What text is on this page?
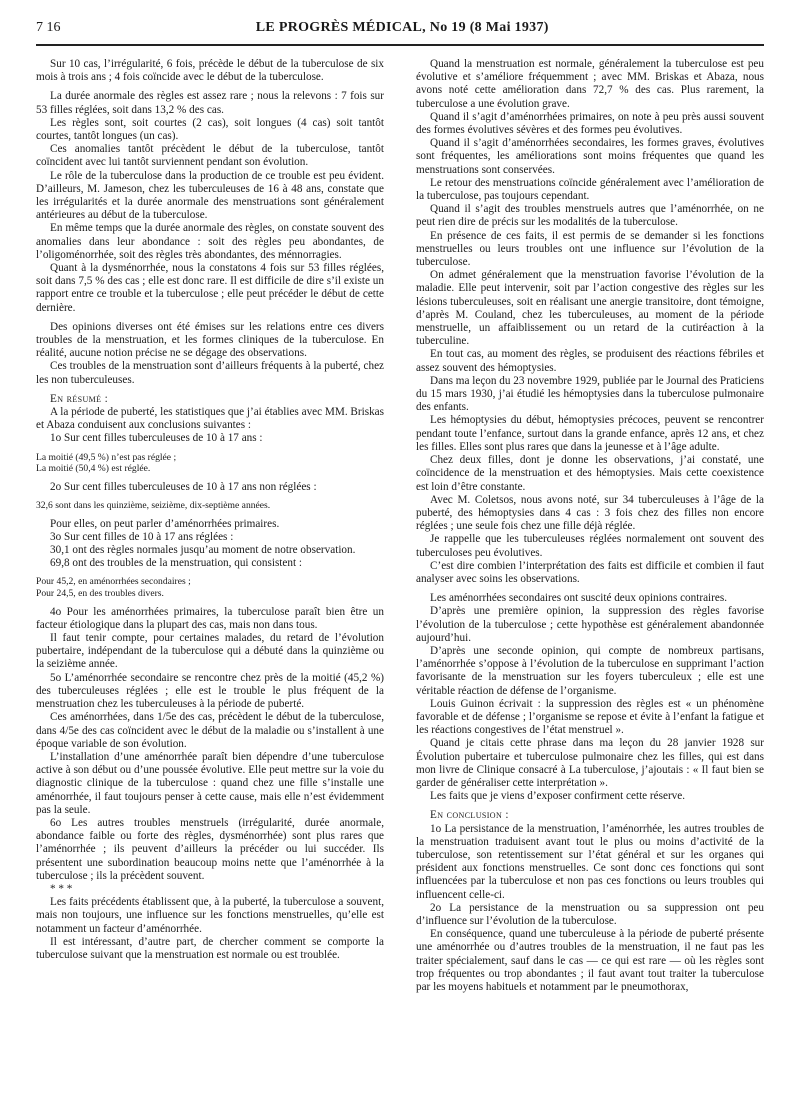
7 16	LE PROGRÈS MÉDICAL, No 19 (8 Mai 1937)

Sur 10 cas, l’irrégularité, 6 fois, précède le début de la tuberculose de six mois à trois ans ; 4 fois coïncide avec le début de la tuberculose.

La durée anormale des règles est assez rare ; nous la relevons : 7 fois sur 53 filles réglées, soit dans 13,2 % des cas.

Les règles sont, soit courtes (2 cas), soit longues (4 cas) soit tantôt courtes, tantôt longues (un cas).

Ces anomalies tantôt précèdent le début de la tuberculose, tantôt coïncident avec lui tantôt surviennent pendant son évolution.

Le rôle de la tuberculose dans la production de ce trouble est peu évident. D’ailleurs, M. Jameson, chez les tuberculeuses de 16 à 48 ans, constate que les irrégularités et la durée anormale des menstruations sont généralement antérieures au début de la tuberculose.

En même temps que la durée anormale des règles, on constate souvent des anomalies dans leur abondance : soit des règles peu abondantes, de l’oligoménorrhée, soit des règles très abondantes, des ménnorragies.

Quant à la dysménorrhée, nous la constatons 4 fois sur 53 filles réglées, soit dans 7,5 % des cas ; elle est donc rare. Il est difficile de dire s’il existe un rapport entre ce trouble et la tuberculose ; elle peut précéder le début de cette dernière.

Des opinions diverses ont été émises sur les relations entre ces divers troubles de la menstruation, et les formes cliniques de la tuberculose. En réalité, aucune notion précise ne se dégage des observations.

Ces troubles de la menstruation sont d’ailleurs fréquents à la puberté, chez les non tuberculeuses.

En résumé :

A la période de puberté, les statistiques que j’ai établies avec MM. Briskas et Abaza conduisent aux conclusions suivantes :

1o Sur cent filles tuberculeuses de 10 à 17 ans :

La moitié (49,5 %) n’est pas réglée ;

La moitié (50,4 %) est réglée.

2o Sur cent filles tuberculeuses de 10 à 17 ans non réglées :

32,6 sont dans les quinzième, seizième, dix-septième années.

Pour elles, on peut parler d’aménorrhées primaires.

3o Sur cent filles de 10 à 17 ans réglées :

30,1 ont des règles normales jusqu’au moment de notre observation.

69,8 ont des troubles de la menstruation, qui consistent :

Pour 45,2, en aménorrhées secondaires ;

Pour 24,5, en des troubles divers.

4o Pour les aménorrhées primaires, la tuberculose paraît bien être un facteur étiologique dans la plupart des cas, mais non dans tous.

Il faut tenir compte, pour certaines malades, du retard de l’évolution pubertaire, indépendant de la tuberculose qui a débuté dans la quinzième ou la seizième année.

5o L’aménorrhée secondaire se rencontre chez près de la moitié (45,2 %) des tuberculeuses réglées ; elle est le trouble le plus fréquent de la menstruation chez les tuberculeuses à la période de puberté.

Ces aménorrhées, dans 1/5e des cas, précèdent le début de la tuberculose, dans 4/5e des cas coïncident avec le début de la maladie ou s’installent à une époque variable de son évolution.

L’installation d’une aménorrhée paraît bien dépendre d’une tuberculose active à son début ou d’une poussée évolutive. Elle peut mettre sur la voie du diagnostic clinique de la tuberculose : quand chez une fille s’installe une aménorrhée, il faut toujours penser à cette cause, mais elle n’est évidemment pas la seule.

6o Les autres troubles menstruels (irrégularité, durée anormale, abondance faible ou forte des règles, dysménorrhée) sont plus rares que l’aménorrhée ; ils peuvent d’ailleurs la précéder ou lui succéder. Ils présentent une subordination beaucoup moins nette que l’aménorrhée à la tuberculose ; ils la précèdent souvent.

* * *

Les faits précédents établissent que, à la puberté, la tuberculose a souvent, mais non toujours, une influence sur les fonctions menstruelles, qu’elle est notamment un facteur d’aménorrhée.

Il est intéressant, d’autre part, de chercher comment se comporte la tuberculose suivant que la menstruation est normale ou est troublée.

Quand la menstruation est normale, généralement la tuberculose est peu évolutive et s’améliore fréquemment ; avec MM. Briskas et Abaza, nous avons noté cette amélioration dans 72,7 % des cas. Plus rarement, la tuberculose a une évolution grave.

Quand il s’agit d’aménorrhées primaires, on note à peu près aussi souvent des formes évolutives sévères et des formes peu évolutives.

Quand il s’agit d’aménorrhées secondaires, les formes graves, évolutives sont fréquentes, les améliorations sont moins fréquentes que quand les menstruations sont conservées.

Le retour des menstruations coïncide généralement avec l’amélioration de la tuberculose, pas toujours cependant.

Quand il s’agit des troubles menstruels autres que l’aménorrhée, on ne peut rien dire de précis sur les modalités de la tuberculose.

En présence de ces faits, il est permis de se demander si les fonctions menstruelles ou leurs troubles ont une influence sur l’évolution de la tuberculose.

On admet généralement que la menstruation favorise l’évolution de la maladie. Elle peut intervenir, soit par l’action congestive des règles sur les lésions tuberculeuses, soit en réalisant une anergie transitoire, dont témoigne, d’après M. Couland, chez les tuberculeuses, au moment de la période menstruelle, un affaiblissement ou un retard de la cutiréaction à la tuberculine.

En tout cas, au moment des règles, se produisent des réactions fébriles et assez souvent des hémoptysies.

Dans ma leçon du 23 novembre 1929, publiée par le Journal des Praticiens du 15 mars 1930, j’ai étudié les hémoptysies dans la tuberculose pulmonaire des enfants.

Les hémoptysies du début, hémoptysies précoces, peuvent se rencontrer pendant toute l’enfance, surtout dans la grande enfance, après 12 ans, et chez les filles. Elles sont plus rares que dans la jeunesse et à l’âge adulte.

Chez deux filles, dont je donne les observations, j’ai constaté, une coïncidence de la menstruation et des hémoptysies. Mais cette coexistence est loin d’être constante.

Avec M. Coletsos, nous avons noté, sur 34 tuberculeuses à l’âge de la puberté, des hémoptysies dans 4 cas : 3 fois chez des filles non encore réglées ; une seule fois chez une fille déjà réglée.

Je rappelle que les tuberculeuses réglées normalement ont souvent des tuberculoses peu évolutives.

C’est dire combien l’interprétation des faits est difficile et combien il faut analyser avec soins les observations.

Les aménorrhées secondaires ont suscité deux opinions contraires.

D’après une première opinion, la suppression des règles favorise l’évolution de la tuberculose ; cette hypothèse est généralement abandonnée aujourd’hui.

D’après une seconde opinion, qui compte de nombreux partisans, l’aménorrhée s’oppose à l’évolution de la tuberculose en supprimant l’action favorisante de la menstruation sur les foyers tuberculeux ; elle est une véritable réaction de défense de l’organisme.

Louis Guinon écrivait : la suppression des règles est « un phénomène favorable et de défense ; l’organisme se repose et évite à l’enfant la fatigue et les réactions congestives de l’état menstruel ».

Quand je citais cette phrase dans ma leçon du 28 janvier 1928 sur Évolution pubertaire et tuberculose pulmonaire chez les filles, qui est dans mon livre de Clinique consacré à La tuberculose, j’ajoutais : « Il faut bien se garder de généraliser cette interprétation ».

Les faits que je viens d’exposer confirment cette réserve.

En conclusion :

1o La persistance de la menstruation, l’aménorrhée, les autres troubles de la menstruation traduisent avant tout le plus ou moins d’activité de la tuberculose, son retentissement sur l’état général et sur les organes qui président aux fonctions menstruelles. Ce sont donc ces fonctions qui sont influencées par la tuberculose et non pas ces fonctions ou leurs troubles qui influencent celle-ci.

2o La persistance de la menstruation ou sa suppression ont peu d’influence sur l’évolution de la tuberculose.

En conséquence, quand une tuberculeuse à la période de puberté présente une aménorrhée ou d’autres troubles de la menstruation, il ne faut pas les traiter spécialement, sauf dans le cas — ce qui est rare — où les règles sont trop fréquentes ou trop abondantes ; il faut avant tout traiter la tuberculose par les moyens habituels et notamment par le pneumothorax,
